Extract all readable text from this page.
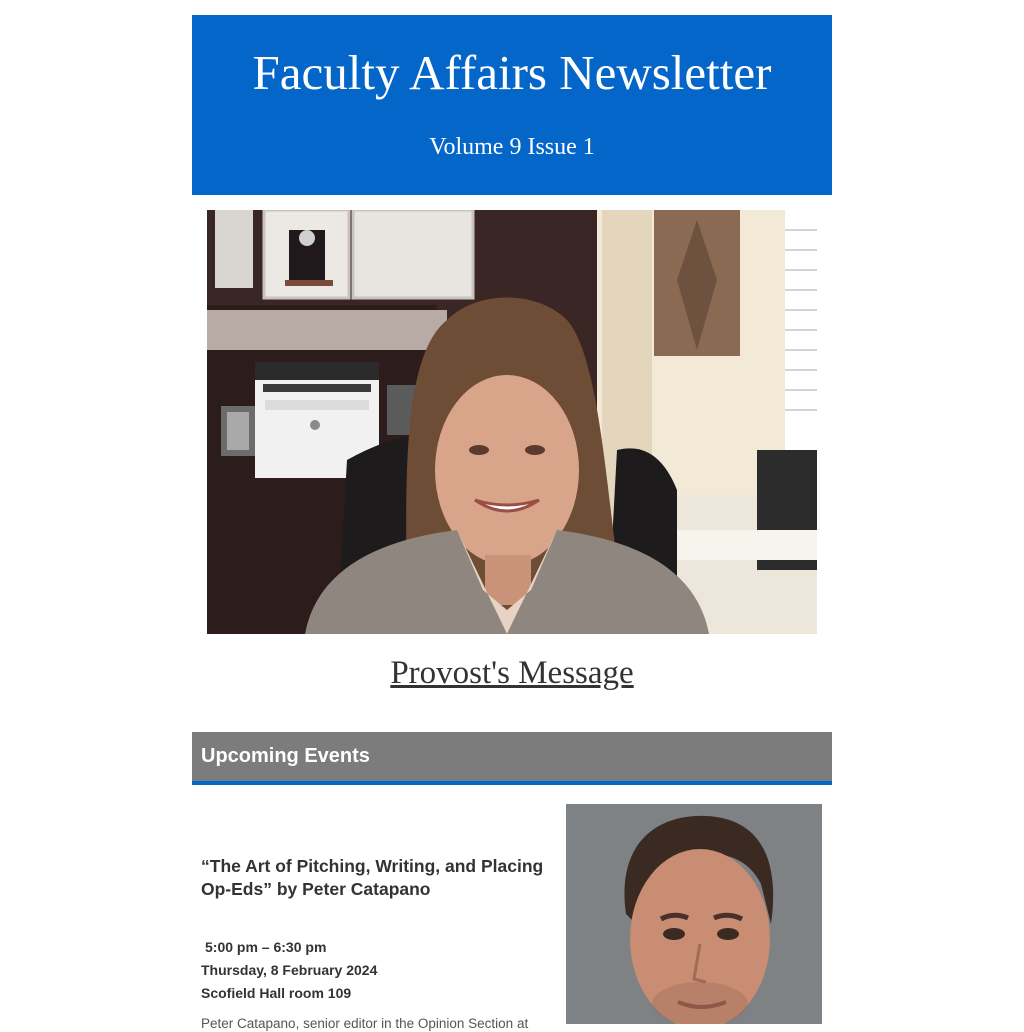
Faculty Affairs Newsletter
Volume 9 Issue 1
Provost's Message
Upcoming Events
“The Art of Pitching, Writing, and Placing Op-Eds” by Peter Catapano
5:00 pm – 6:30 pm
Thursday, 8 February 2024
Scofield Hall room 109
Peter Catapano, senior editor in the Opinion Section at
